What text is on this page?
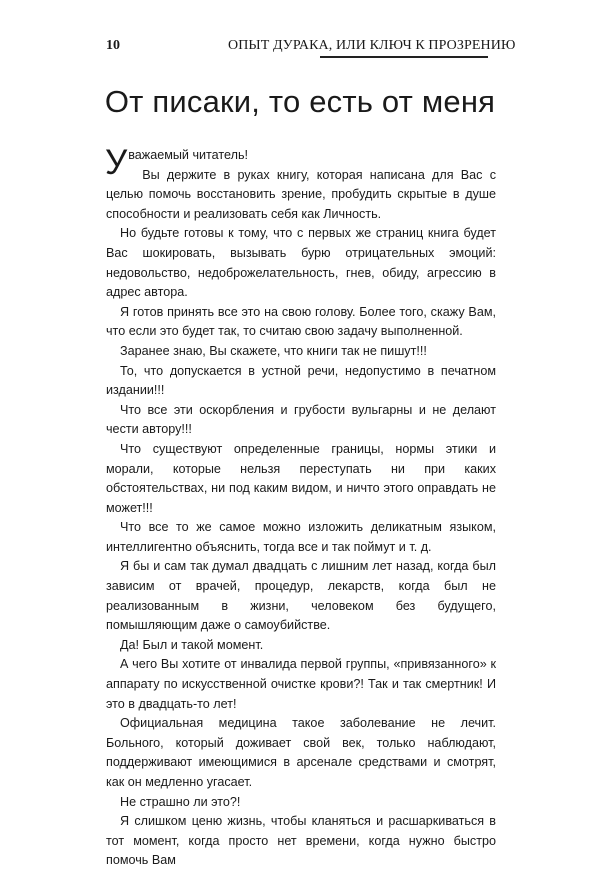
10	ОПЫТ ДУРАКА, ИЛИ КЛЮЧ К ПРОЗРЕНИЮ
От писаки, то есть от меня

Уважаемый читатель!

Вы держите в руках книгу, которая написана для Вас с целью помочь восстановить зрение, пробудить скрытые в душе способности и реализовать себя как Личность.

Но будьте готовы к тому, что с первых же страниц книга будет Вас шокировать, вызывать бурю отрицательных эмоций: недовольство, недоброжелательность, гнев, обиду, агрессию в адрес автора.

Я готов принять все это на свою голову. Более того, скажу Вам, что если это будет так, то считаю свою задачу выполненной.

Заранее знаю, Вы скажете, что книги так не пишут!!!

То, что допускается в устной речи, недопустимо в печатном издании!!!

Что все эти оскорбления и грубости вульгарны и не делают чести автору!!!

Что существуют определенные границы, нормы этики и морали, которые нельзя переступать ни при каких обстоятельствах, ни под каким видом, и ничто этого оправдать не может!!!

Что все то же самое можно изложить деликатным языком, интеллигентно объяснить, тогда все и так поймут и т. д.

Я бы и сам так думал двадцать с лишним лет назад, когда был зависим от врачей, процедур, лекарств, когда был не реализованным в жизни, человеком без будущего, помышляющим даже о самоубийстве.

Да! Был и такой момент.

А чего Вы хотите от инвалида первой группы, «привязанного» к аппарату по искусственной очистке крови?! Так и так смертник! И это в двадцать-то лет!

Официальная медицина такое заболевание не лечит. Больного, который доживает свой век, только наблюдают, поддерживают имеющимися в арсенале средствами и смотрят, как он медленно угасает.

Не страшно ли это?!

Я слишком ценю жизнь, чтобы кланяться и расшаркиваться в тот момент, когда просто нет времени, когда нужно быстро помочь Вам
